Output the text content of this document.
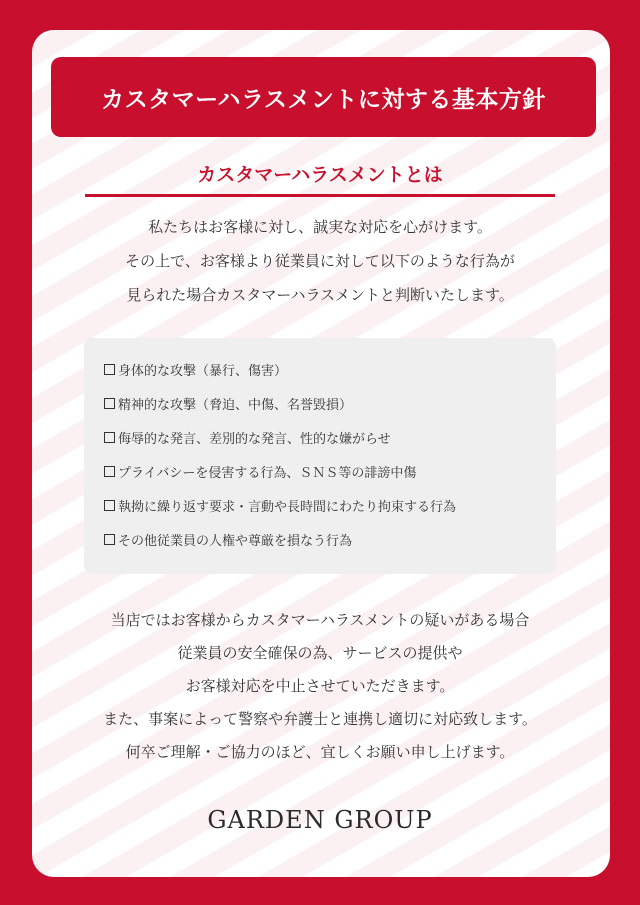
カスタマーハラスメントに対する基本方針
カスタマーハラスメントとは
私たちはお客様に対し、誠実な対応を心がけます。
その上で、お客様より従業員に対して以下のような行為が
見られた場合カスタマーハラスメントと判断いたします。
身体的な攻撃（暴行、傷害）
精神的な攻撃（脅迫、中傷、名誉毀損）
侮辱的な発言、差別的な発言、性的な嫌がらせ
プライバシーを侵害する行為、ＳＮＳ等の誹謗中傷
執拗に繰り返す要求・言動や長時間にわたり拘束する行為
その他従業員の人権や尊厳を損なう行為
当店ではお客様からカスタマーハラスメントの疑いがある場合
従業員の安全確保の為、サービスの提供や
お客様対応を中止させていただきます。
また、事案によって警察や弁護士と連携し適切に対応致します。
何卒ご理解・ご協力のほど、宜しくお願い申し上げます。
GARDEN GROUP
